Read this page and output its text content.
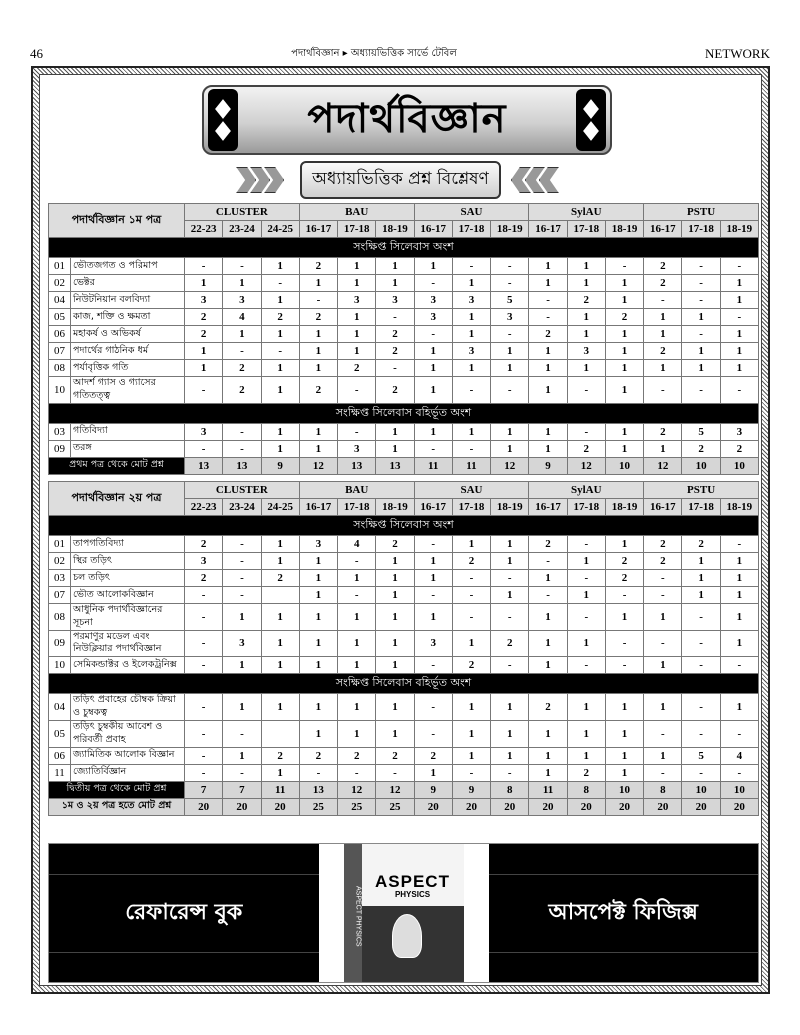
46	পদার্থবিজ্ঞান ▸ অধ্যায়ভিত্তিক সার্ভে টেবিল	NETWORK
পদার্থবিজ্ঞান
অধ্যায়ভিত্তিক প্রশ্ন বিশ্লেষণ
পদার্থবিজ্ঞান ১ম পত্র		CLUSTER			BAU			SAU			SylAU			PSTU		
		22-23	23-24	24-25	16-17	17-18	18-19	16-17	17-18	18-19	16-17	17-18	18-19	16-17	17-18	18-19
সংক্ষিপ্ত সিলেবাস অংশ																
01	ভৌতজগত ও পরিমাপ	-	-	1	2	1	1	1	-	-	1	1	-	2	-	-
02	ভেক্টর	1	1	-	1	1	1	-	1	-	1	1	1	2	-	1
04	নিউটনিয়ান বলবিদ্যা	3	3	1	-	3	3	3	3	5	-	2	1	-	-	1
05	কাজ, শক্তি ও ক্ষমতা	2	4	2	2	1	-	3	1	3	-	1	2	1	1	-
06	মহাকর্ষ ও অভিকর্ষ	2	1	1	1	1	2	-	1	-	2	1	1	1	-	1
07	পদার্থের গাঠনিক ধর্ম	1	-	-	1	1	2	1	3	1	1	3	1	2	1	1
08	পর্যাবৃত্তিক গতি	1	2	1	1	2	-	1	1	1	1	1	1	1	1	1
10	আদর্শ গ্যাস ও গ্যাসের গতিতত্ত্ব	-	2	1	2	-	2	1	-	-	1	-	1	-	-	-
সংক্ষিপ্ত সিলেবাস বহির্ভূত অংশ																
03	গতিবিদ্যা	3	-	1	1	-	1	1	1	1	1	-	1	2	5	3
09	তরঙ্গ	-	-	1	1	3	1	-	-	1	1	2	1	1	2	2
প্রথম পত্র থেকে মোট প্রশ্ন		13	13	9	12	13	13	11	11	12	9	12	10	12	10	10
পদার্থবিজ্ঞান ২য় পত্র		CLUSTER			BAU			SAU			SylAU			PSTU		
		22-23	23-24	24-25	16-17	17-18	18-19	16-17	17-18	18-19	16-17	17-18	18-19	16-17	17-18	18-19
সংক্ষিপ্ত সিলেবাস অংশ																
01	তাপগতিবিদ্যা	2	-	1	3	4	2	-	1	1	2	-	1	2	2	-
02	স্থির তড়িৎ	3	-	1	1	-	1	1	2	1	-	1	2	2	1	1
03	চল তড়িৎ	2	-	2	1	1	1	1	-	-	1	-	2	-	1	1
07	ভৌত আলোকবিজ্ঞান	-	-		1	-	1	-	-	1	-	1	-	-	1	1
08	আধুনিক পদার্থবিজ্ঞানের সূচনা	-	1	1	1	1	1	1	-	-	1	-	1	1	-	1
09	পরমাণুর মডেল এবং নিউক্লিয়ার পদার্থবিজ্ঞান	-	3	1	1	1	1	3	1	2	1	1	-	-	-	1
10	সেমিকন্ডাক্টর ও ইলেকট্রনিক্স	-	1	1	1	1	1	-	2	-	1	-	-	1	-	-
সংক্ষিপ্ত সিলেবাস বহির্ভূত অংশ																
04	তড়িৎ প্রবাহের চৌম্বক ক্রিয়া ও চুম্বকত্ব	-	1	1	1	1	1	-	1	1	2	1	1	1	-	1
05	তড়িৎ চুম্বকীয় আবেশ ও পরিবর্তী প্রবাহ	-	-		1	1	1	-	1	1	1	1	1	-	-	-
06	জ্যামিতিক আলোক বিজ্ঞান	-	1	2	2	2	2	2	1	1	1	1	1	1	5	4
11	জ্যোতির্বিজ্ঞান	-	-	1	-	-	-	1	-	-	1	2	1	-	-	-
দ্বিতীয় পত্র থেকে মোট প্রশ্ন		7	7	11	13	12	12	9	9	8	11	8	10	8	10	10
১ম ও ২য় পত্র হতে মোট প্রশ্ন		20	20	20	25	25	25	20	20	20	20	20	20	20	20	20
রেফারেন্স বুক	ASPECT PHYSICS
ASPECT
PHYSICS
আসপেক্ট ফিজিক্স
